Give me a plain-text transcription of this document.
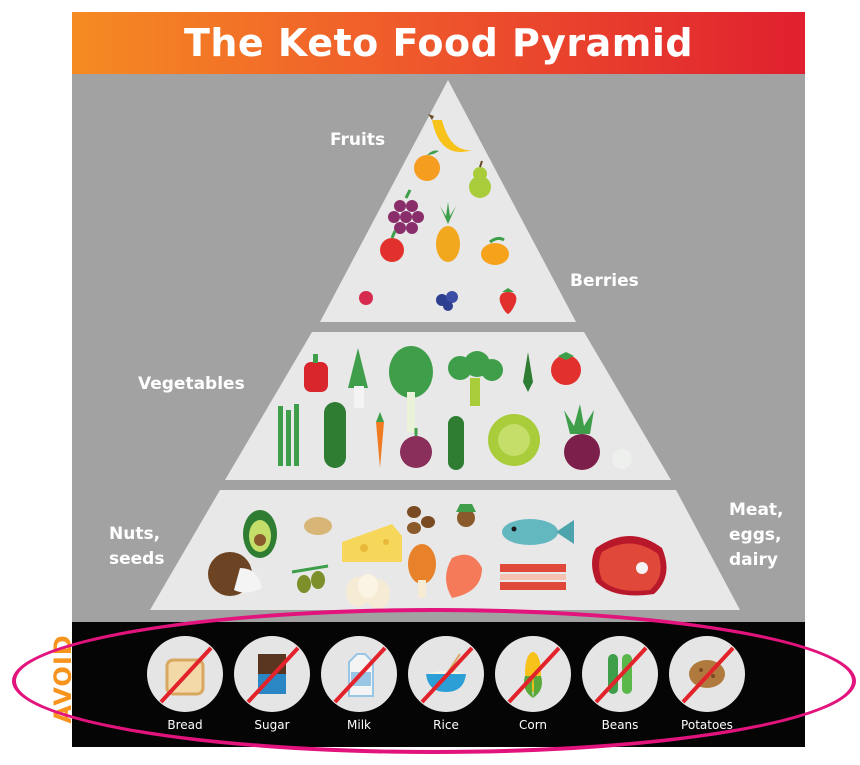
The Keto Food Pyramid
Fruits
Berries
Vegetables
Nuts,
seeds
Meat,
eggs,
dairy
AVOID
Bread	Sugar	Milk	Rice	Corn	Beans	Potatoes
